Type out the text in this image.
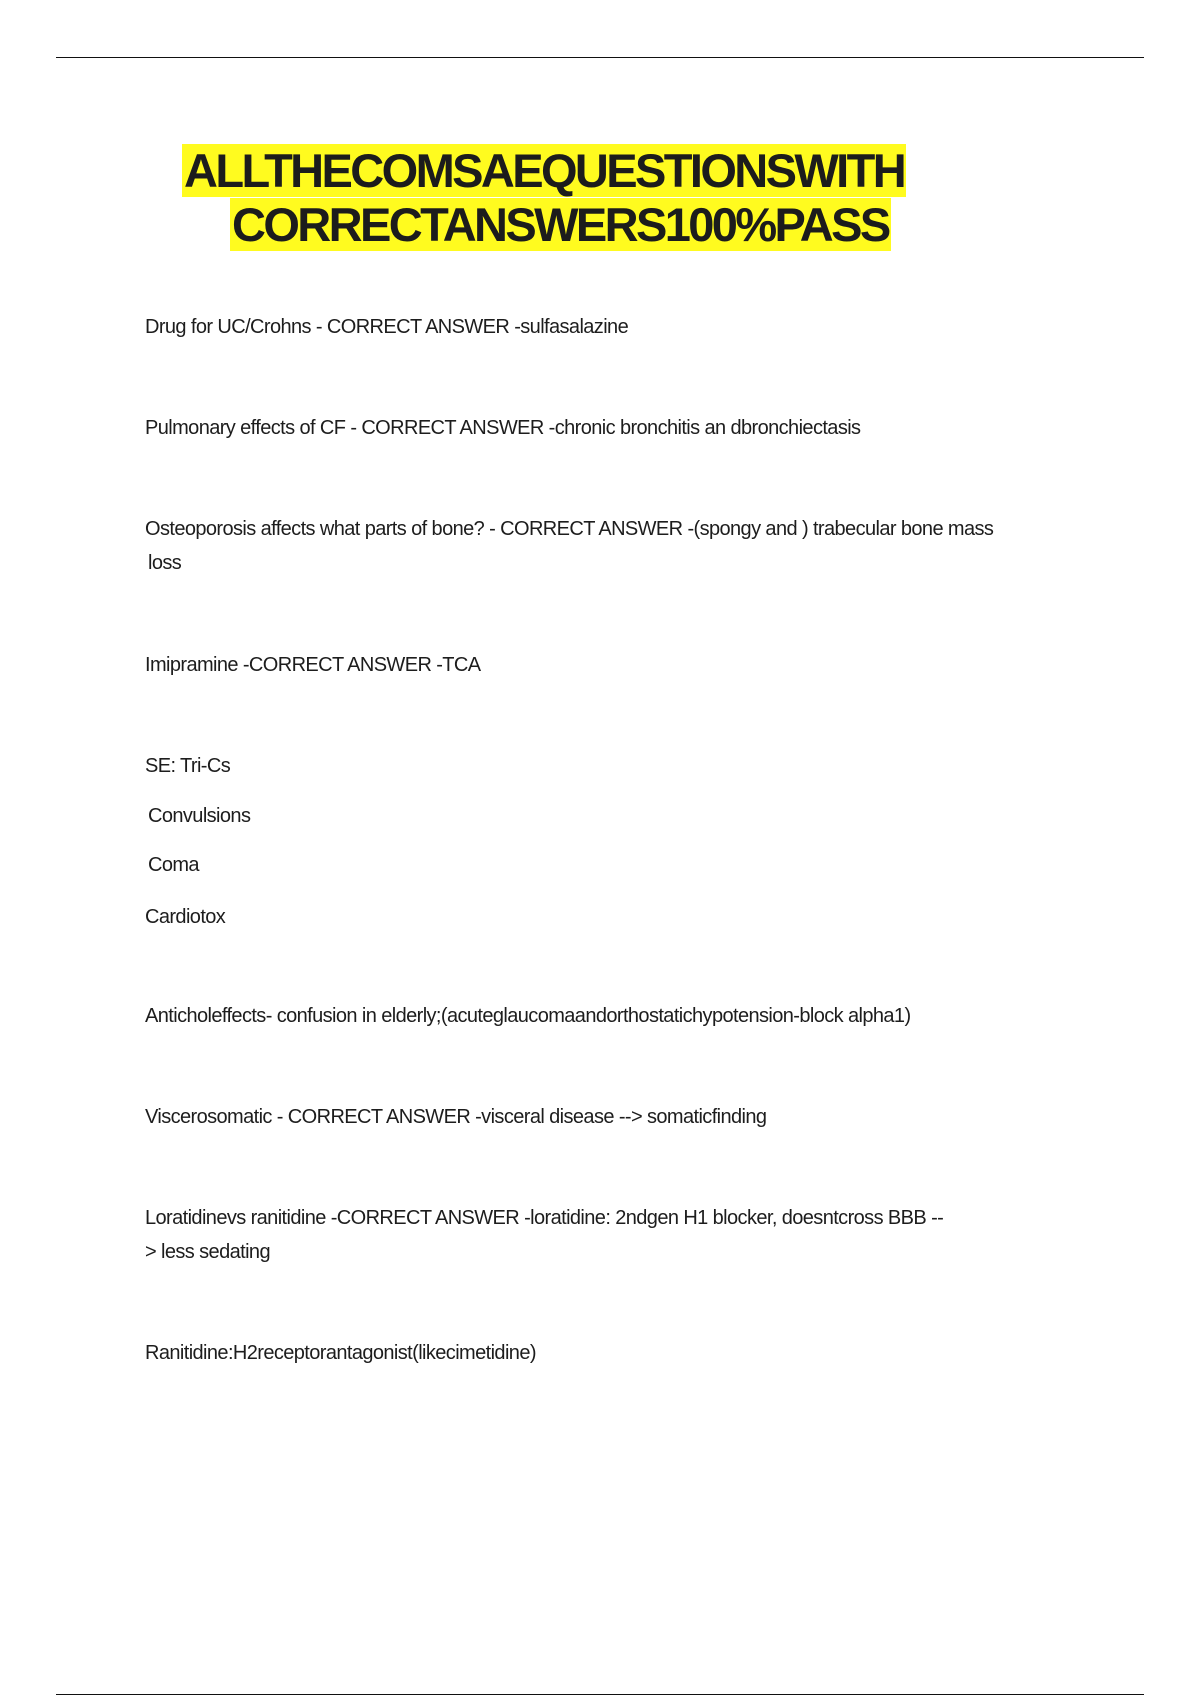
ALLTHECOMSAEQUESTIONSWITH
CORRECTANSWERS100%PASS
Drug for UC/Crohns - CORRECT ANSWER -sulfasalazine
Pulmonary effects of CF - CORRECT ANSWER -chronic bronchitis an dbronchiectasis
Osteoporosis affects what parts of bone? - CORRECT ANSWER -(spongy and ) trabecular bone mass
loss
Imipramine -CORRECT ANSWER -TCA
SE: Tri-Cs
Convulsions
Coma
Cardiotox
Anticholeffects- confusion in elderly;(acuteglaucomaandorthostatichypotension-block alpha1)
Viscerosomatic - CORRECT ANSWER -visceral disease --> somaticfinding
Loratidinevs ranitidine -CORRECT ANSWER -loratidine: 2ndgen H1 blocker, doesntcross BBB --
> less sedating
Ranitidine:H2receptorantagonist(likecimetidine)
